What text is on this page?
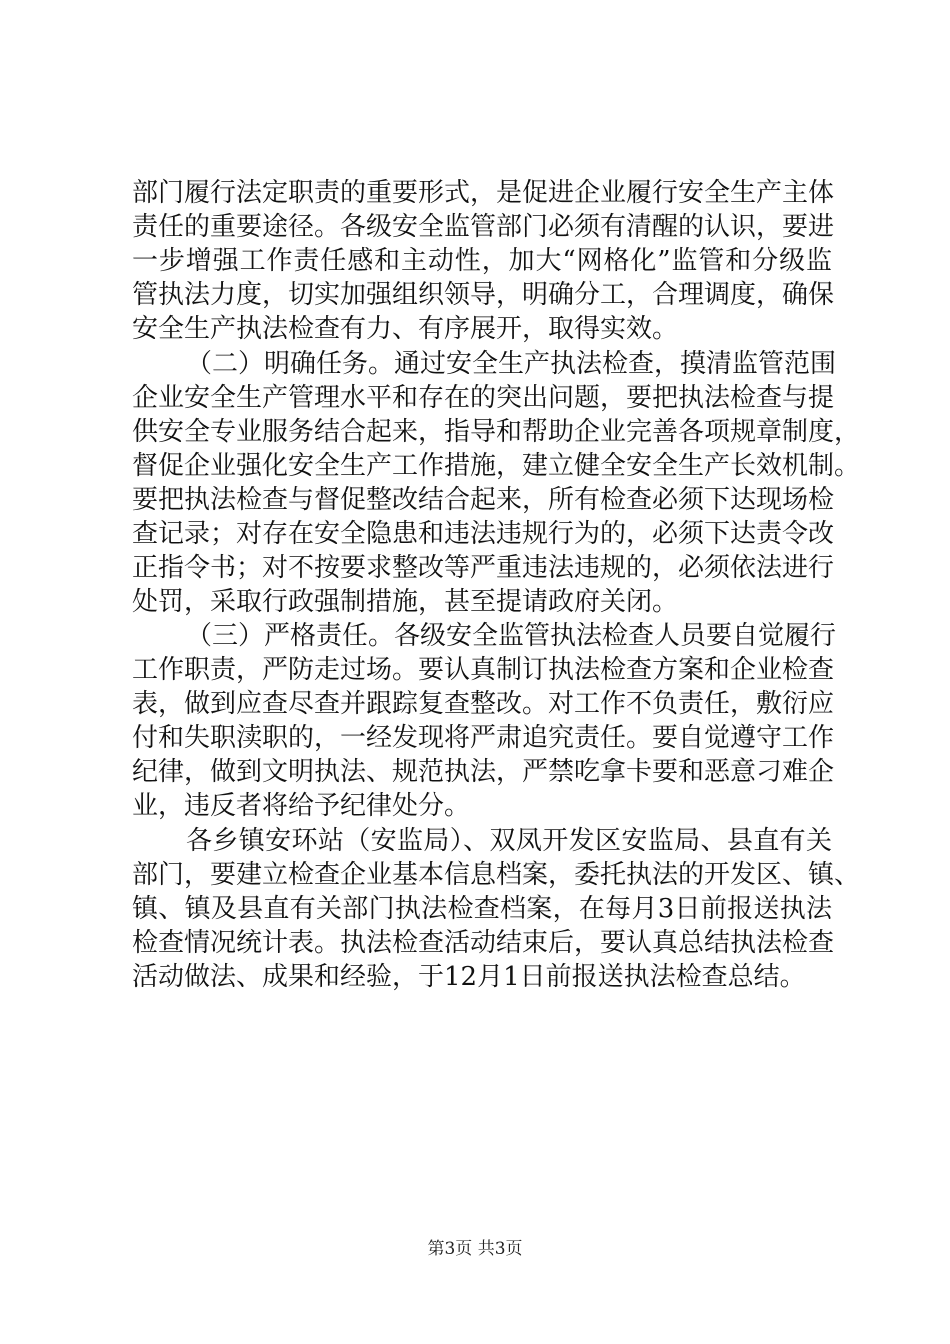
部门履行法定职责的重要形式，是促进企业履行安全生产主体
责任的重要途径。各级安全监管部门必须有清醒的认识，要进
一步增强工作责任感和主动性，加大“网格化”监管和分级监
管执法力度，切实加强组织领导，明确分工，合理调度，确保
安全生产执法检查有力、有序展开，取得实效。
（二）明确任务。通过安全生产执法检查，摸清监管范围
企业安全生产管理水平和存在的突出问题，要把执法检查与提
供安全专业服务结合起来，指导和帮助企业完善各项规章制度，
督促企业强化安全生产工作措施，建立健全安全生产长效机制。
要把执法检查与督促整改结合起来，所有检查必须下达现场检
查记录；对存在安全隐患和违法违规行为的，必须下达责令改
正指令书；对不按要求整改等严重违法违规的，必须依法进行
处罚，采取行政强制措施，甚至提请政府关闭。
（三）严格责任。各级安全监管执法检查人员要自觉履行
工作职责，严防走过场。要认真制订执法检查方案和企业检查
表，做到应查尽查并跟踪复查整改。对工作不负责任，敷衍应
付和失职渎职的，一经发现将严肃追究责任。要自觉遵守工作
纪律，做到文明执法、规范执法，严禁吃拿卡要和恶意刁难企
业，违反者将给予纪律处分。
各乡镇安环站（安监局）、双凤开发区安监局、县直有关
部门，要建立检查企业基本信息档案，委托执法的开发区、镇、
镇、镇及县直有关部门执法检查档案，在每月3日前报送执法
检查情况统计表。执法检查活动结束后，要认真总结执法检查
活动做法、成果和经验，于12月1日前报送执法检查总结。
第3页 共3页
